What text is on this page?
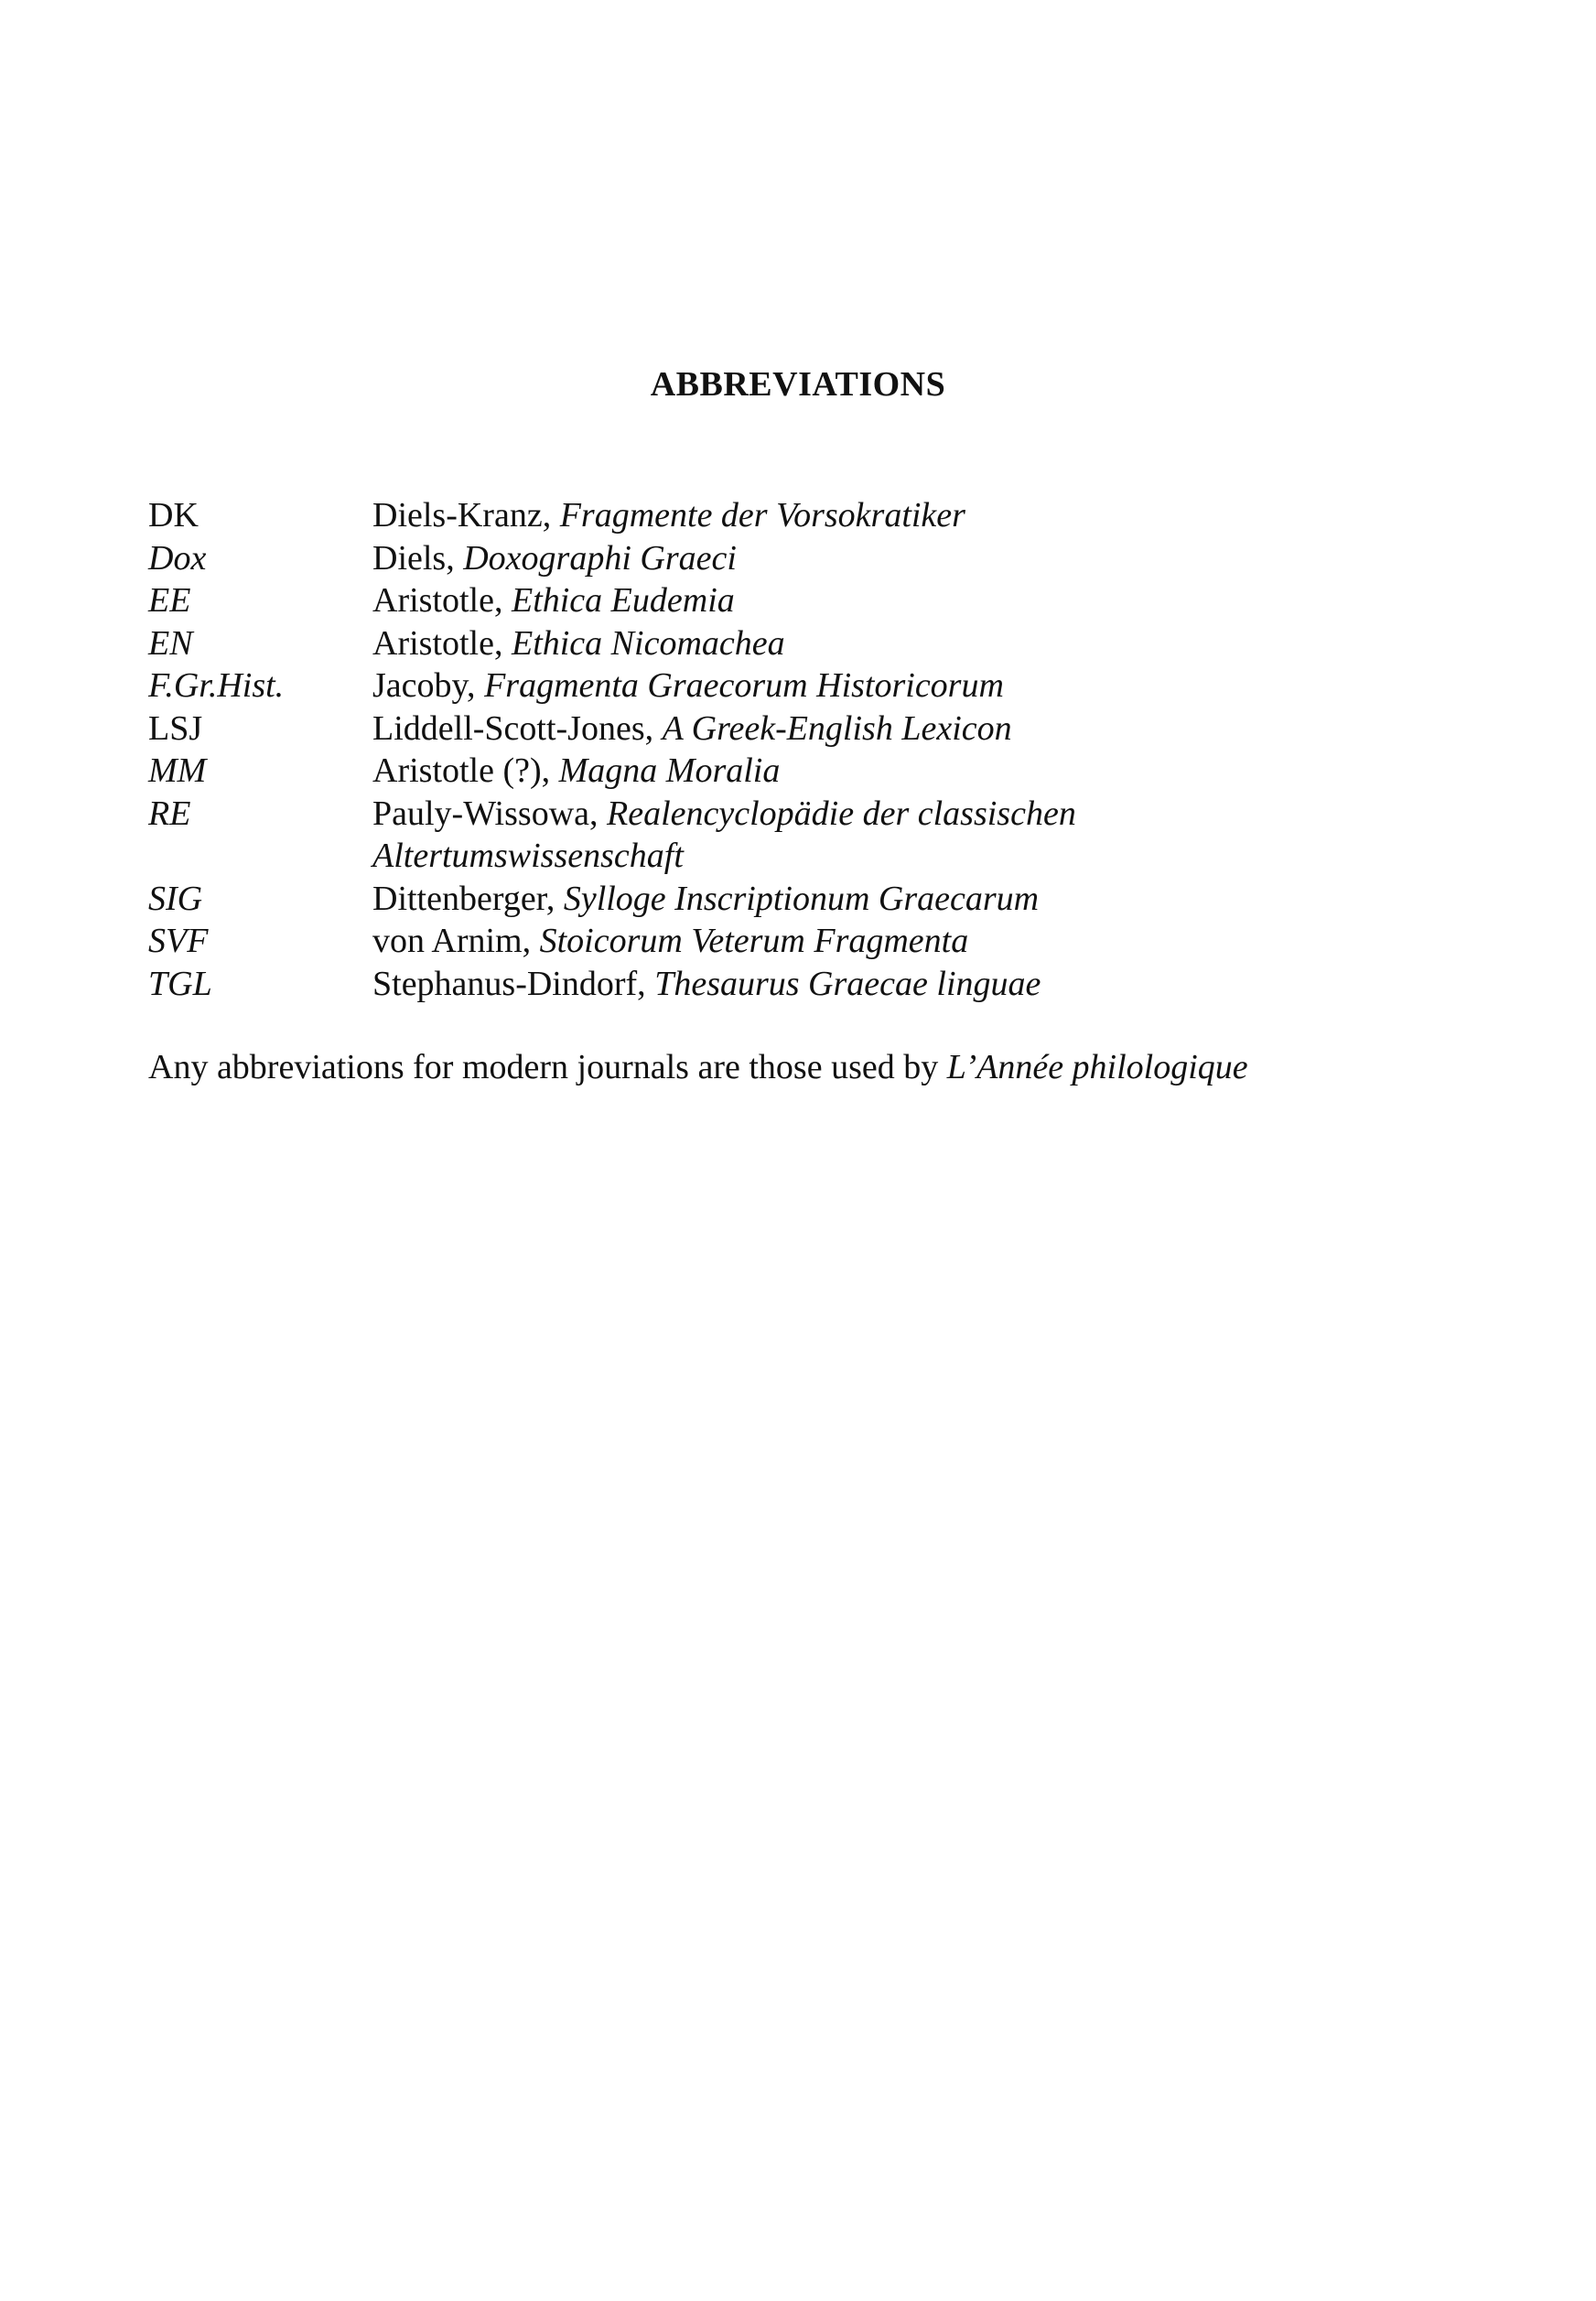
ABBREVIATIONS
DK	Diels-Kranz, Fragmente der Vorsokratiker
Dox	Diels, Doxographi Graeci
EE	Aristotle, Ethica Eudemia
EN	Aristotle, Ethica Nicomachea
F.Gr.Hist.	Jacoby, Fragmenta Graecorum Historicorum
LSJ	Liddell-Scott-Jones, A Greek-English Lexicon
MM	Aristotle (?), Magna Moralia
RE	Pauly-Wissowa, Realencyclopädie der classischen
	Altertumswissenschaft
SIG	Dittenberger, Sylloge Inscriptionum Graecarum
SVF	von Arnim, Stoicorum Veterum Fragmenta
TGL	Stephanus-Dindorf, Thesaurus Graecae linguae

Any abbreviations for modern journals are those used by L’Année philologique
